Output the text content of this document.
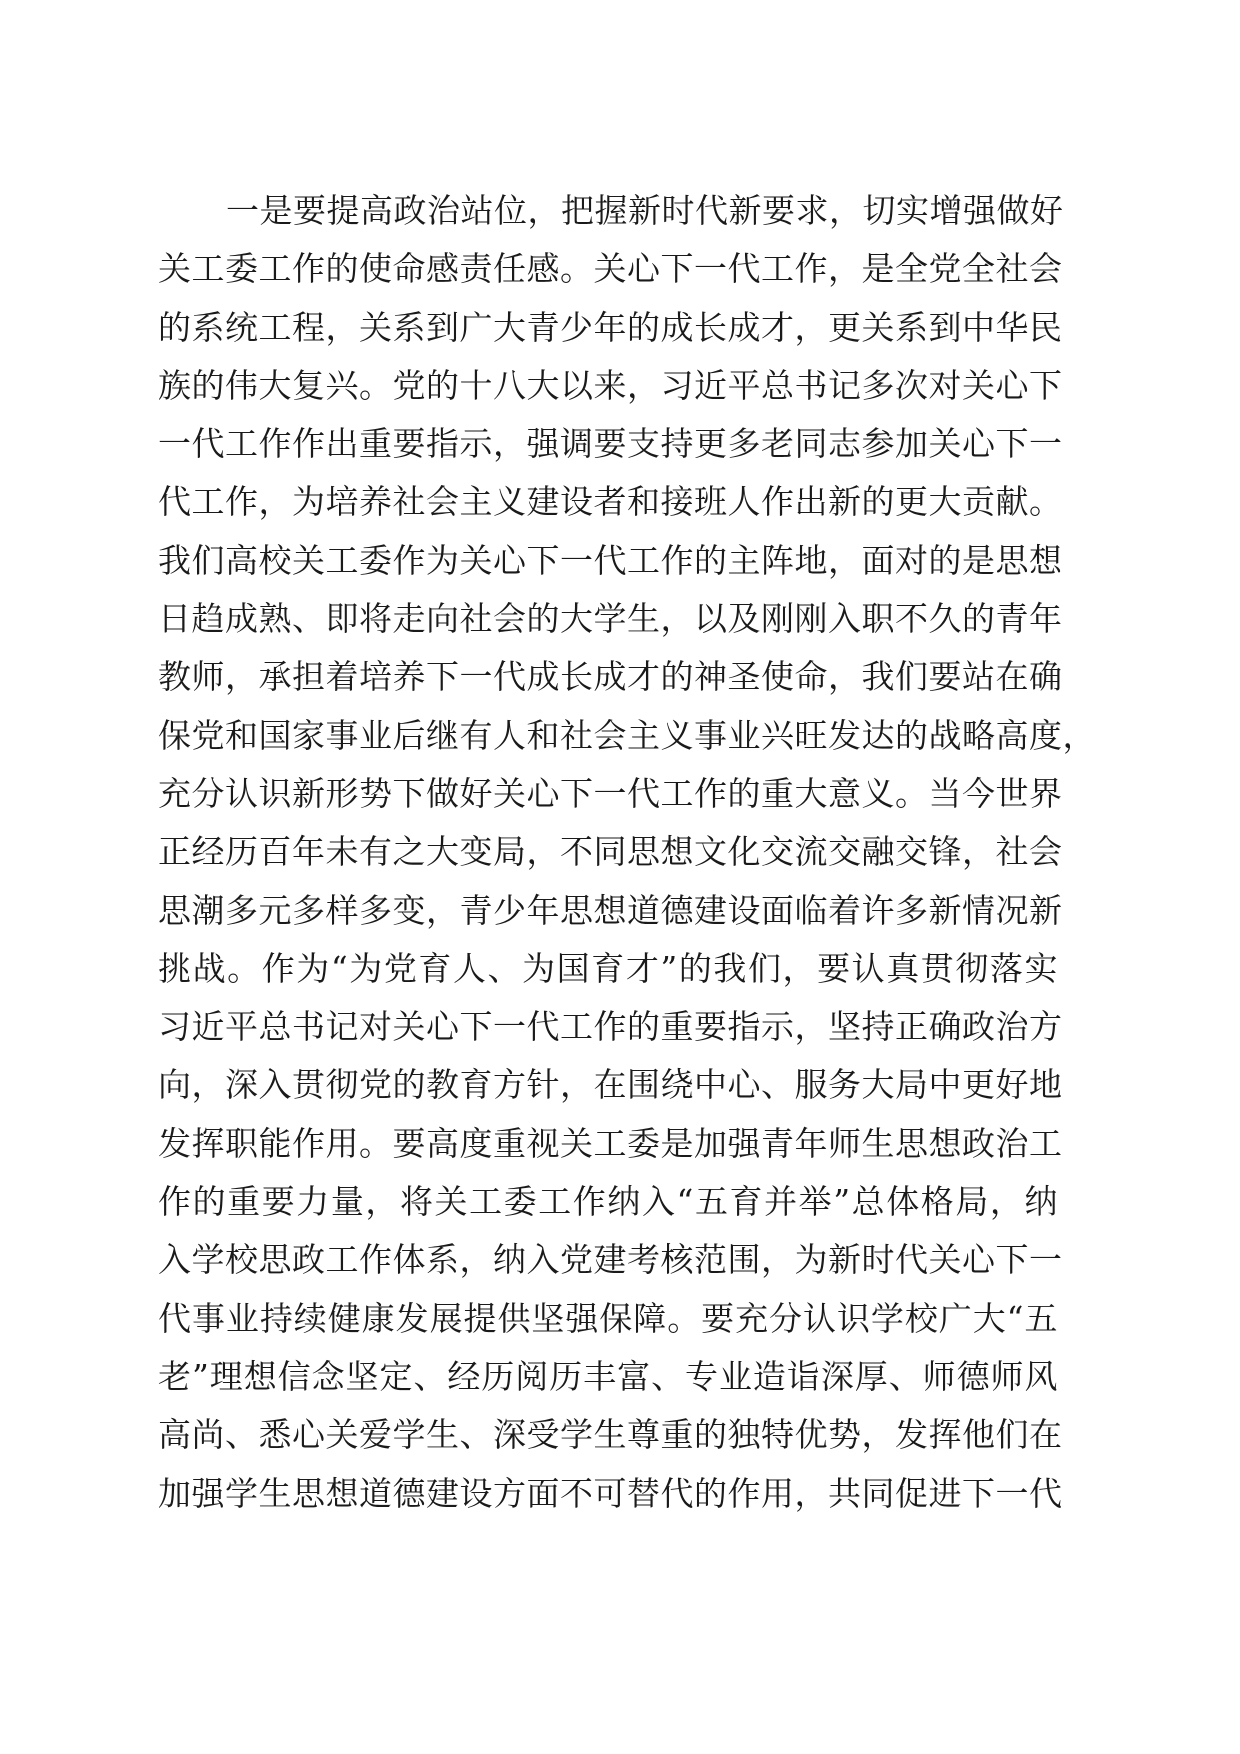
一是要提高政治站位，把握新时代新要求，切实增强做好
关工委工作的使命感责任感。关心下一代工作，是全党全社会
的系统工程，关系到广大青少年的成长成才，更关系到中华民
族的伟大复兴。党的十八大以来，习近平总书记多次对关心下
一代工作作出重要指示，强调要支持更多老同志参加关心下一
代工作，为培养社会主义建设者和接班人作出新的更大贡献。
我们高校关工委作为关心下一代工作的主阵地，面对的是思想
日趋成熟、即将走向社会的大学生，以及刚刚入职不久的青年
教师，承担着培养下一代成长成才的神圣使命，我们要站在确
保党和国家事业后继有人和社会主义事业兴旺发达的战略高度，
充分认识新形势下做好关心下一代工作的重大意义。当今世界
正经历百年未有之大变局，不同思想文化交流交融交锋，社会
思潮多元多样多变，青少年思想道德建设面临着许多新情况新
挑战。作为“为党育人、为国育才”的我们，要认真贯彻落实
习近平总书记对关心下一代工作的重要指示，坚持正确政治方
向，深入贯彻党的教育方针，在围绕中心、服务大局中更好地
发挥职能作用。要高度重视关工委是加强青年师生思想政治工
作的重要力量，将关工委工作纳入“五育并举”总体格局，纳
入学校思政工作体系，纳入党建考核范围，为新时代关心下一
代事业持续健康发展提供坚强保障。要充分认识学校广大“五
老”理想信念坚定、经历阅历丰富、专业造诣深厚、师德师风
高尚、悉心关爱学生、深受学生尊重的独特优势，发挥他们在
加强学生思想道德建设方面不可替代的作用，共同促进下一代
